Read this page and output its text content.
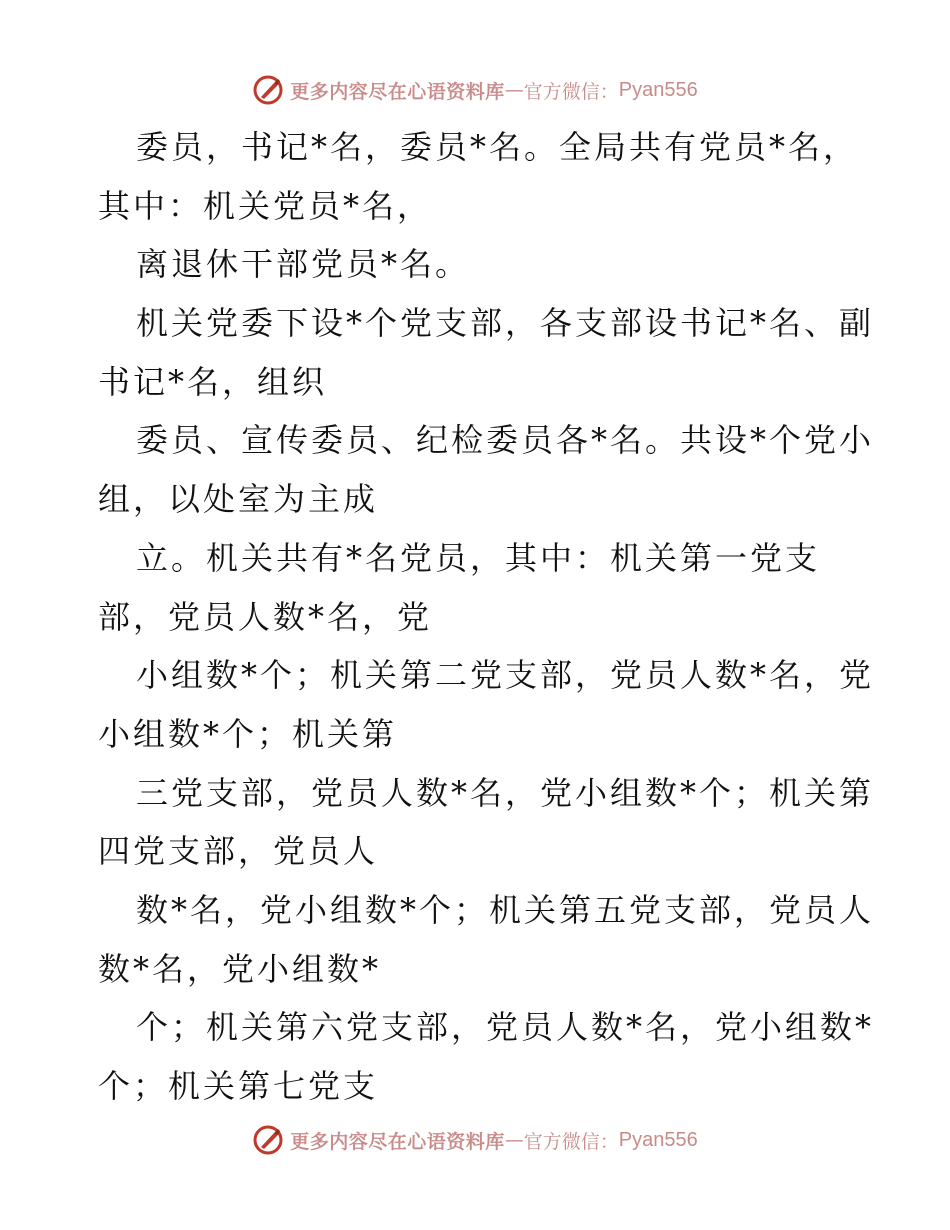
更多内容尽在心语资料库 — 官方微信： Pyan556
委员，书记*名，委员*名。全局共有党员*名，
其中：机关党员*名，
离退休干部党员*名。
机关党委下设*个党支部，各支部设书记*名、副
书记*名，组织
委员、宣传委员、纪检委员各*名。共设*个党小
组，以处室为主成
立。机关共有*名党员，其中：机关第一党支
部，党员人数*名，党
小组数*个；机关第二党支部，党员人数*名，党
小组数*个；机关第
三党支部，党员人数*名，党小组数*个；机关第
四党支部，党员人
数*名，党小组数*个；机关第五党支部，党员人
数*名，党小组数*
个；机关第六党支部，党员人数*名，党小组数*
个；机关第七党支
更多内容尽在心语资料库 — 官方微信： Pyan556
